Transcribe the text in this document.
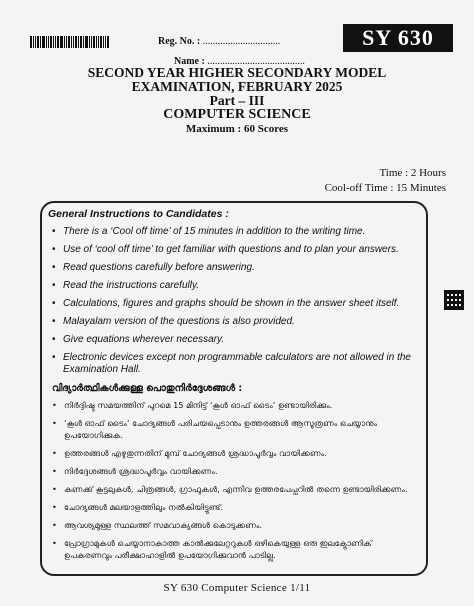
Reg. No. : ...............................
Name : .......................................
SY 630
SECOND YEAR HIGHER SECONDARY MODEL
EXAMINATION, FEBRUARY 2025
Part – III
COMPUTER SCIENCE
Maximum : 60 Scores
Time : 2 Hours
Cool-off Time : 15 Minutes
General Instructions to Candidates :
• There is a ‘Cool off time’ of 15 minutes in addition to the writing time.
• Use of ‘cool off time’ to get familiar with questions and to plan your answers.
• Read questions carefully before answering.
• Read the instructions carefully.
• Calculations, figures and graphs should be shown in the answer sheet itself.
• Malayalam version of the questions is also provided.
• Give equations wherever necessary.
• Electronic devices except non programmable calculators are not allowed in the Examination Hall.
വിദ്യാർത്ഥികൾക്കുള്ള പൊതുനിർദ്ദേശങ്ങൾ :
• നിർദ്ദിഷ്ട സമയത്തിന് പുറമെ 15 മിനിട്ട് ‘കൂൾ ഓഫ് ടൈം’ ഉണ്ടായിരിക്കും.
• ‘കൂൾ ഓഫ് ടൈം’ ചോദ്യങ്ങൾ പരിചയപ്പെടാനും ഉത്തരങ്ങൾ ആസൂത്രണം ചെയ്യാനും ഉപയോഗിക്കുക.
• ഉത്തരങ്ങൾ എഴുതുന്നതിന് മുമ്പ് ചോദ്യങ്ങൾ ശ്രദ്ധാപൂർവ്വം വായിക്കണം.
• നിർദ്ദേശങ്ങൾ ശ്രദ്ധാപൂർവ്വം വായിക്കണം.
• കണക്ക് കൂട്ടലുകൾ, ചിത്രങ്ങൾ, ഗ്രാഫുകൾ, എന്നിവ ഉത്തരപേപ്പറിൽ തന്നെ ഉണ്ടായിരിക്കണം.
• ചോദ്യങ്ങൾ മലയാളത്തിലും നൽകിയിട്ടുണ്ട്.
• ആവശ്യമുള്ള സ്ഥലത്ത് സമവാക്യങ്ങൾ കൊടുക്കണം.
• പ്രോഗ്രാമുകൾ ചെയ്യാനാകാത്ത കാൽക്കുലേറ്ററുകൾ ഒഴികെയുള്ള ഒരു ഇലക്ട്രോണിക് ഉപകരണവും പരീക്ഷാഹാളിൽ ഉപയോഗിക്കുവാൻ പാടില്ല.
SY 630 Computer Science 1/11
